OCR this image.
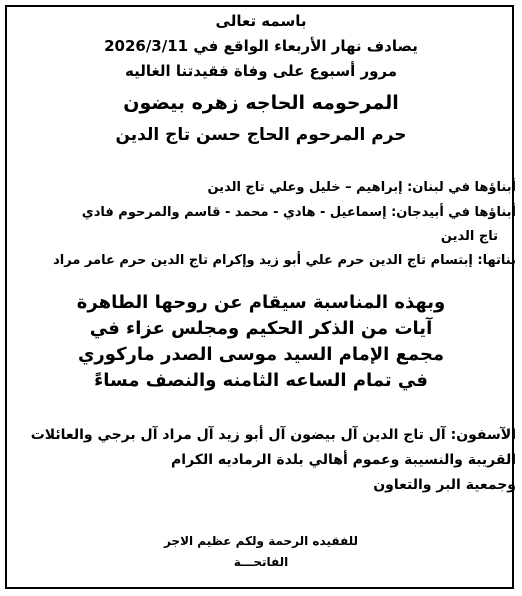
باسمه تعالى
يصادف نهار الأربعاء الواقع في 2026/3/11
مرور أسبوع على وفاة فقيدتنا الغاليه
المرحومه الحاجه زهره بيضون
حرم المرحوم الحاج حسن تاج الدين
أبناؤها في لبنان: إبراهيم – خليل وعلي تاج الدين
أبناؤها في أبيدجان: إسماعيل - هادي - محمد - قاسم والمرحوم فادي
تاج الدين
بناتها: إبتسام تاج الدين حرم علي أبو زيد وإكرام تاج الدين حرم عامر مراد
وبهذه المناسبة سيقام عن روحها الطاهرة
آيات من الذكر الحكيم ومجلس عزاء في
مجمع الإمام السيد موسى الصدر ماركوري
في تمام الساعه الثامنه والنصف مساءً
الآسفون: آل تاج الدين آل بيضون آل أبو زيد آل مراد آل برجي والعائلات
القريبة والنسيبة وعموم أهالي بلدة الرماديه الكرام
وجمعية البر والتعاون
للفقيده الرحمة ولكم عظيم الاجر
الفاتحـــة
